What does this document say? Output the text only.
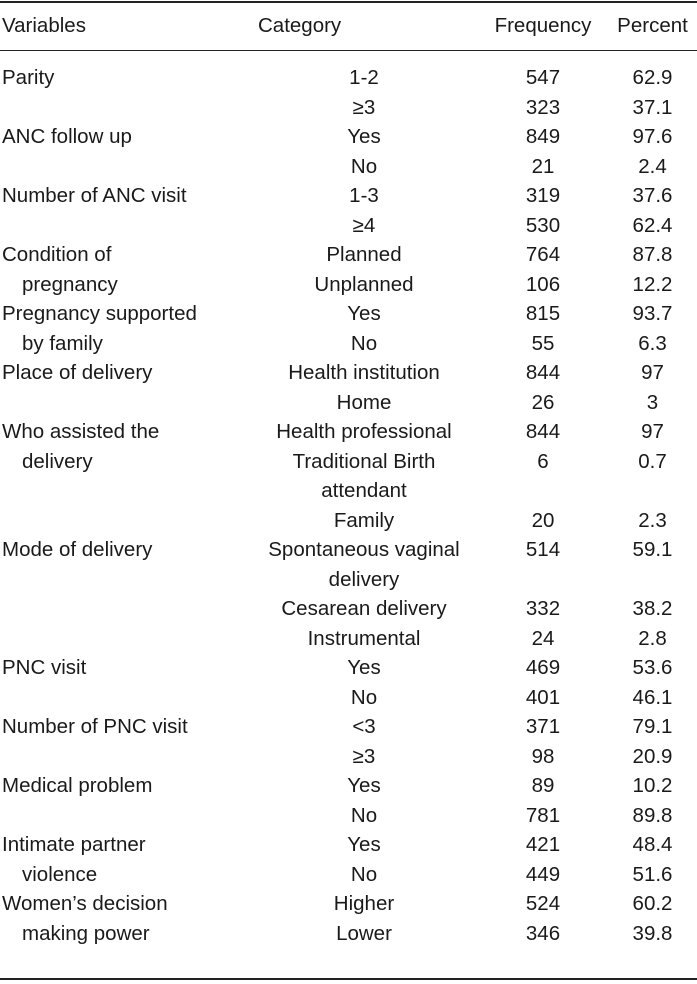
Variables	Category	Frequency	Percent
Parity	1-2	547	62.9
	≥3	323	37.1
ANC follow up	Yes	849	97.6
	No	21	2.4
Number of ANC visit	1-3	319	37.6
	≥4	530	62.4
Condition of	Planned	764	87.8

pregnancy	Unplanned	106	12.2
Pregnancy supported	Yes	815	93.7

by family	No	55	6.3
Place of delivery	Health institution	844	97
	Home	26	3
Who assisted the	Health professional	844	97

delivery	Traditional Birth attendant	6	0.7
	Family	20	2.3
Mode of delivery	Spontaneous vaginal delivery	514	59.1
	Cesarean delivery	332	38.2
	Instrumental	24	2.8
PNC visit	Yes	469	53.6
	No	401	46.1
Number of PNC visit	<3	371	79.1
	≥3	98	20.9
Medical problem	Yes	89	10.2
	No	781	89.8
Intimate partner	Yes	421	48.4

violence	No	449	51.6
Women’s decision	Higher	524	60.2

making power	Lower	346	39.8
